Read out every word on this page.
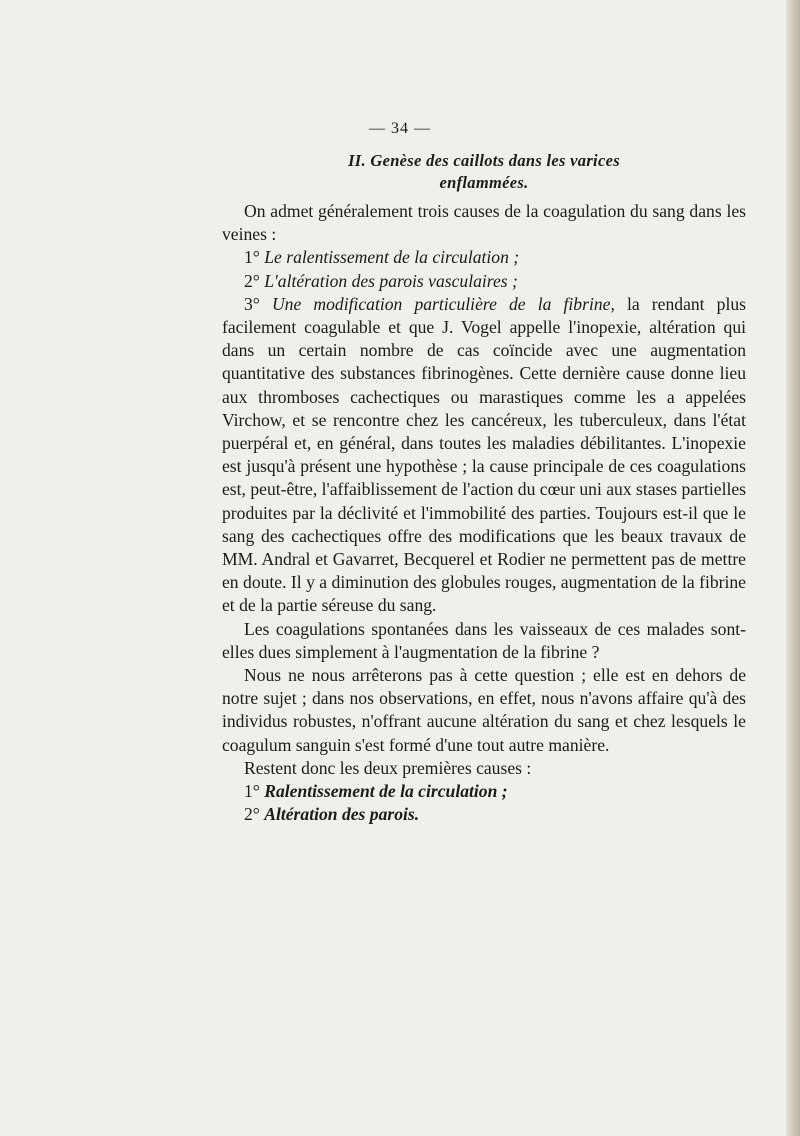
— 34 —
II. Genèse des caillots dans les varices
enflammées.

On admet généralement trois causes de la coagulation du sang dans les veines :

1° Le ralentissement de la circulation ;
2° L'altération des parois vasculaires ;
3° Une modification particulière de la fibrine, la rendant plus facilement coagulable et que J. Vogel appelle l'inopexie, altération qui dans un certain nombre de cas coïncide avec une augmentation quantitative des substances fibrinogènes. Cette dernière cause donne lieu aux thromboses cachectiques ou marastiques comme les a appelées Virchow, et se rencontre chez les cancéreux, les tuberculeux, dans l'état puerpéral et, en général, dans toutes les maladies débilitantes. L'inopexie est jusqu'à présent une hypothèse ; la cause principale de ces coagulations est, peut-être, l'affaiblissement de l'action du cœur uni aux stases partielles produites par la déclivité et l'immobilité des parties. Toujours est-il que le sang des cachectiques offre des modifications que les beaux travaux de MM. Andral et Gavarret, Becquerel et Rodier ne permettent pas de mettre en doute. Il y a diminution des globules rouges, augmentation de la fibrine et de la partie séreuse du sang.

Les coagulations spontanées dans les vaisseaux de ces malades sont-elles dues simplement à l'augmentation de la fibrine ?

Nous ne nous arrêterons pas à cette question ; elle est en dehors de notre sujet ; dans nos observations, en effet, nous n'avons affaire qu'à des individus robustes, n'offrant aucune altération du sang et chez lesquels le coagulum sanguin s'est formé d'une tout autre manière.

Restent donc les deux premières causes :

1° Ralentissement de la circulation ;
2° Altération des parois.
